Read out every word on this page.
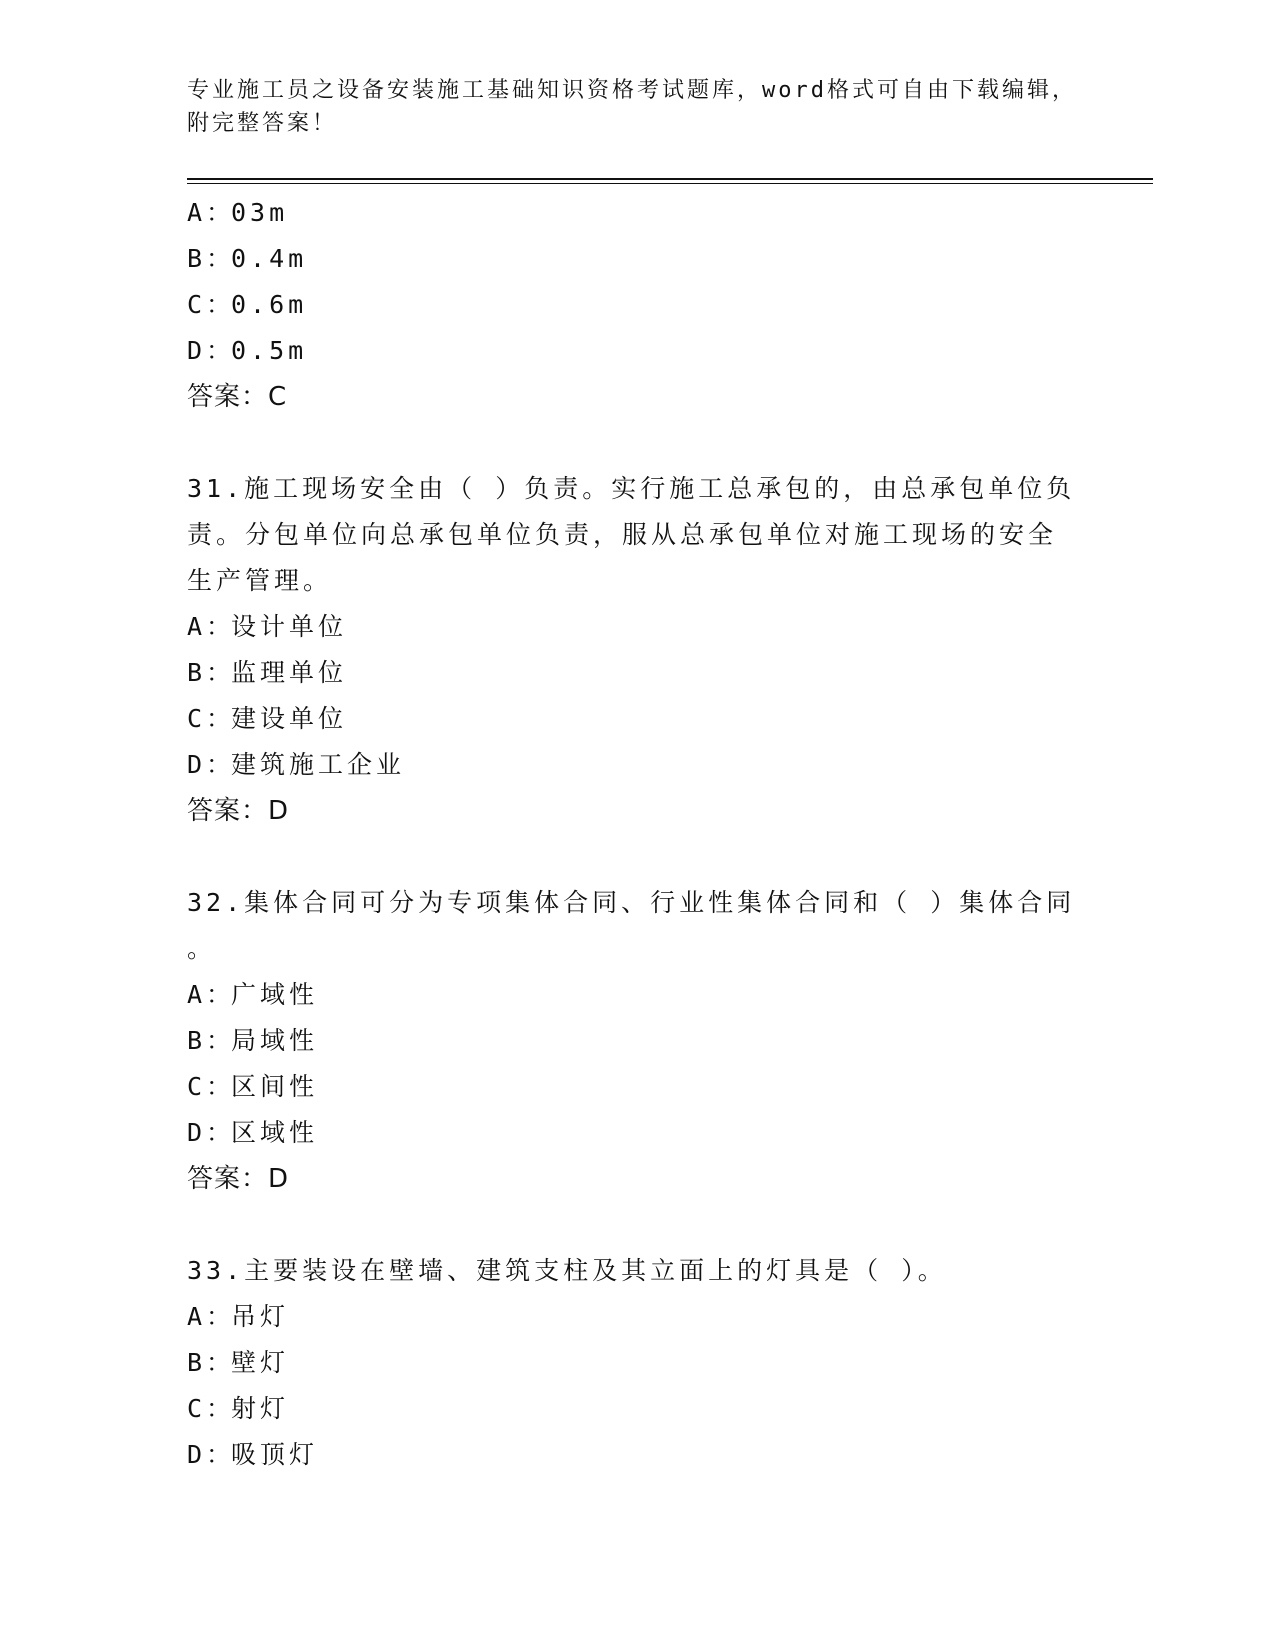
专业施工员之设备安装施工基础知识资格考试题库，word格式可自由下载编辑，
附完整答案！
A：03m
B：0.4m
C：0.6m
D：0.5m
答案：C
31.施工现场安全由（ ）负责。实行施工总承包的，由总承包单位负
责。分包单位向总承包单位负责，服从总承包单位对施工现场的安全
生产管理。
A：设计单位
B：监理单位
C：建设单位
D：建筑施工企业
答案：D
32.集体合同可分为专项集体合同、行业性集体合同和（ ）集体合同
。
A：广域性
B：局域性
C：区间性
D：区域性
答案：D
33.主要装设在壁墙、建筑支柱及其立面上的灯具是（ ）。
A：吊灯
B：壁灯
C：射灯
D：吸顶灯
